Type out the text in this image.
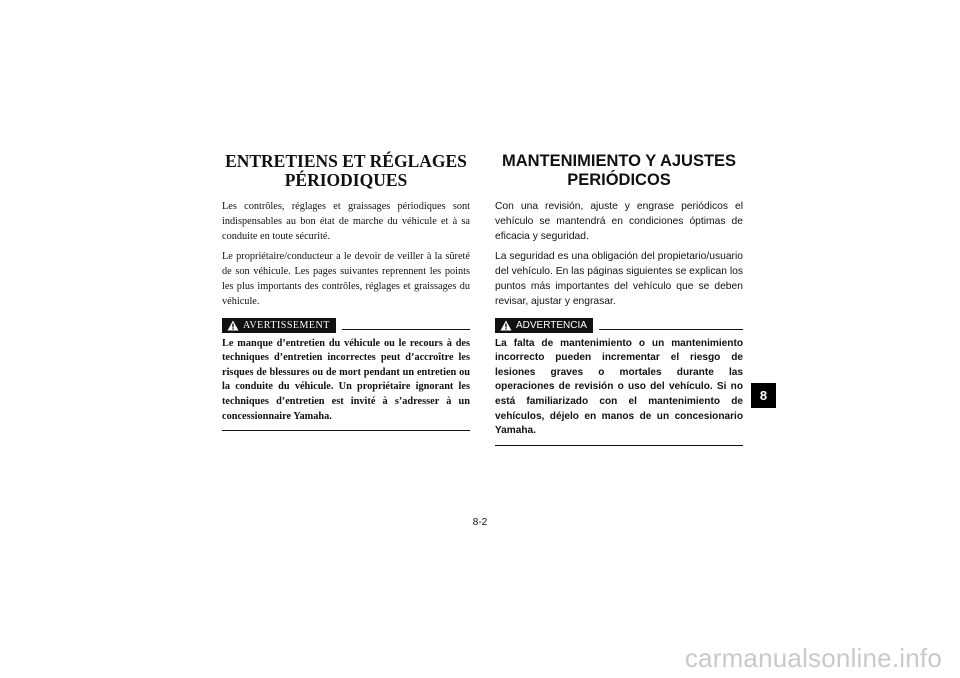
ENTRETIENS ET RÉGLAGES
PÉRIODIQUES

Les contrôles, réglages et graissages périodiques sont indispensables au bon état de marche du véhicule et à sa conduite en toute sécurité.

Le propriétaire/conducteur a le devoir de veiller à la sûreté de son véhicule. Les pages suivantes reprennent les points les plus importants des contrôles, réglages et graissages du véhicule.

AVERTISSEMENT

Le manque d’entretien du véhicule ou le recours à des techniques d’entretien incorrectes peut d’accroître les risques de blessures ou de mort pendant un entretien ou la conduite du véhicule. Un propriétaire ignorant les techniques d’entretien est invité à s’adresser à un concessionnaire Yamaha.

MANTENIMIENTO Y AJUSTES
PERIÓDICOS

Con una revisión, ajuste y engrase periódicos el vehículo se mantendrá en condiciones óptimas de eficacia y seguridad.

La seguridad es una obligación del propietario/usuario del vehículo. En las páginas siguientes se explican los puntos más importantes del vehículo que se deben revisar, ajustar y engrasar.

ADVERTENCIA

La falta de mantenimiento o un mantenimiento incorrecto pueden incrementar el riesgo de lesiones graves o mortales durante las operaciones de revisión o uso del vehículo. Si no está familiarizado con el mantenimiento de vehículos, déjelo en manos de un concesionario Yamaha.

8
8-2
carmanualsonline.info
